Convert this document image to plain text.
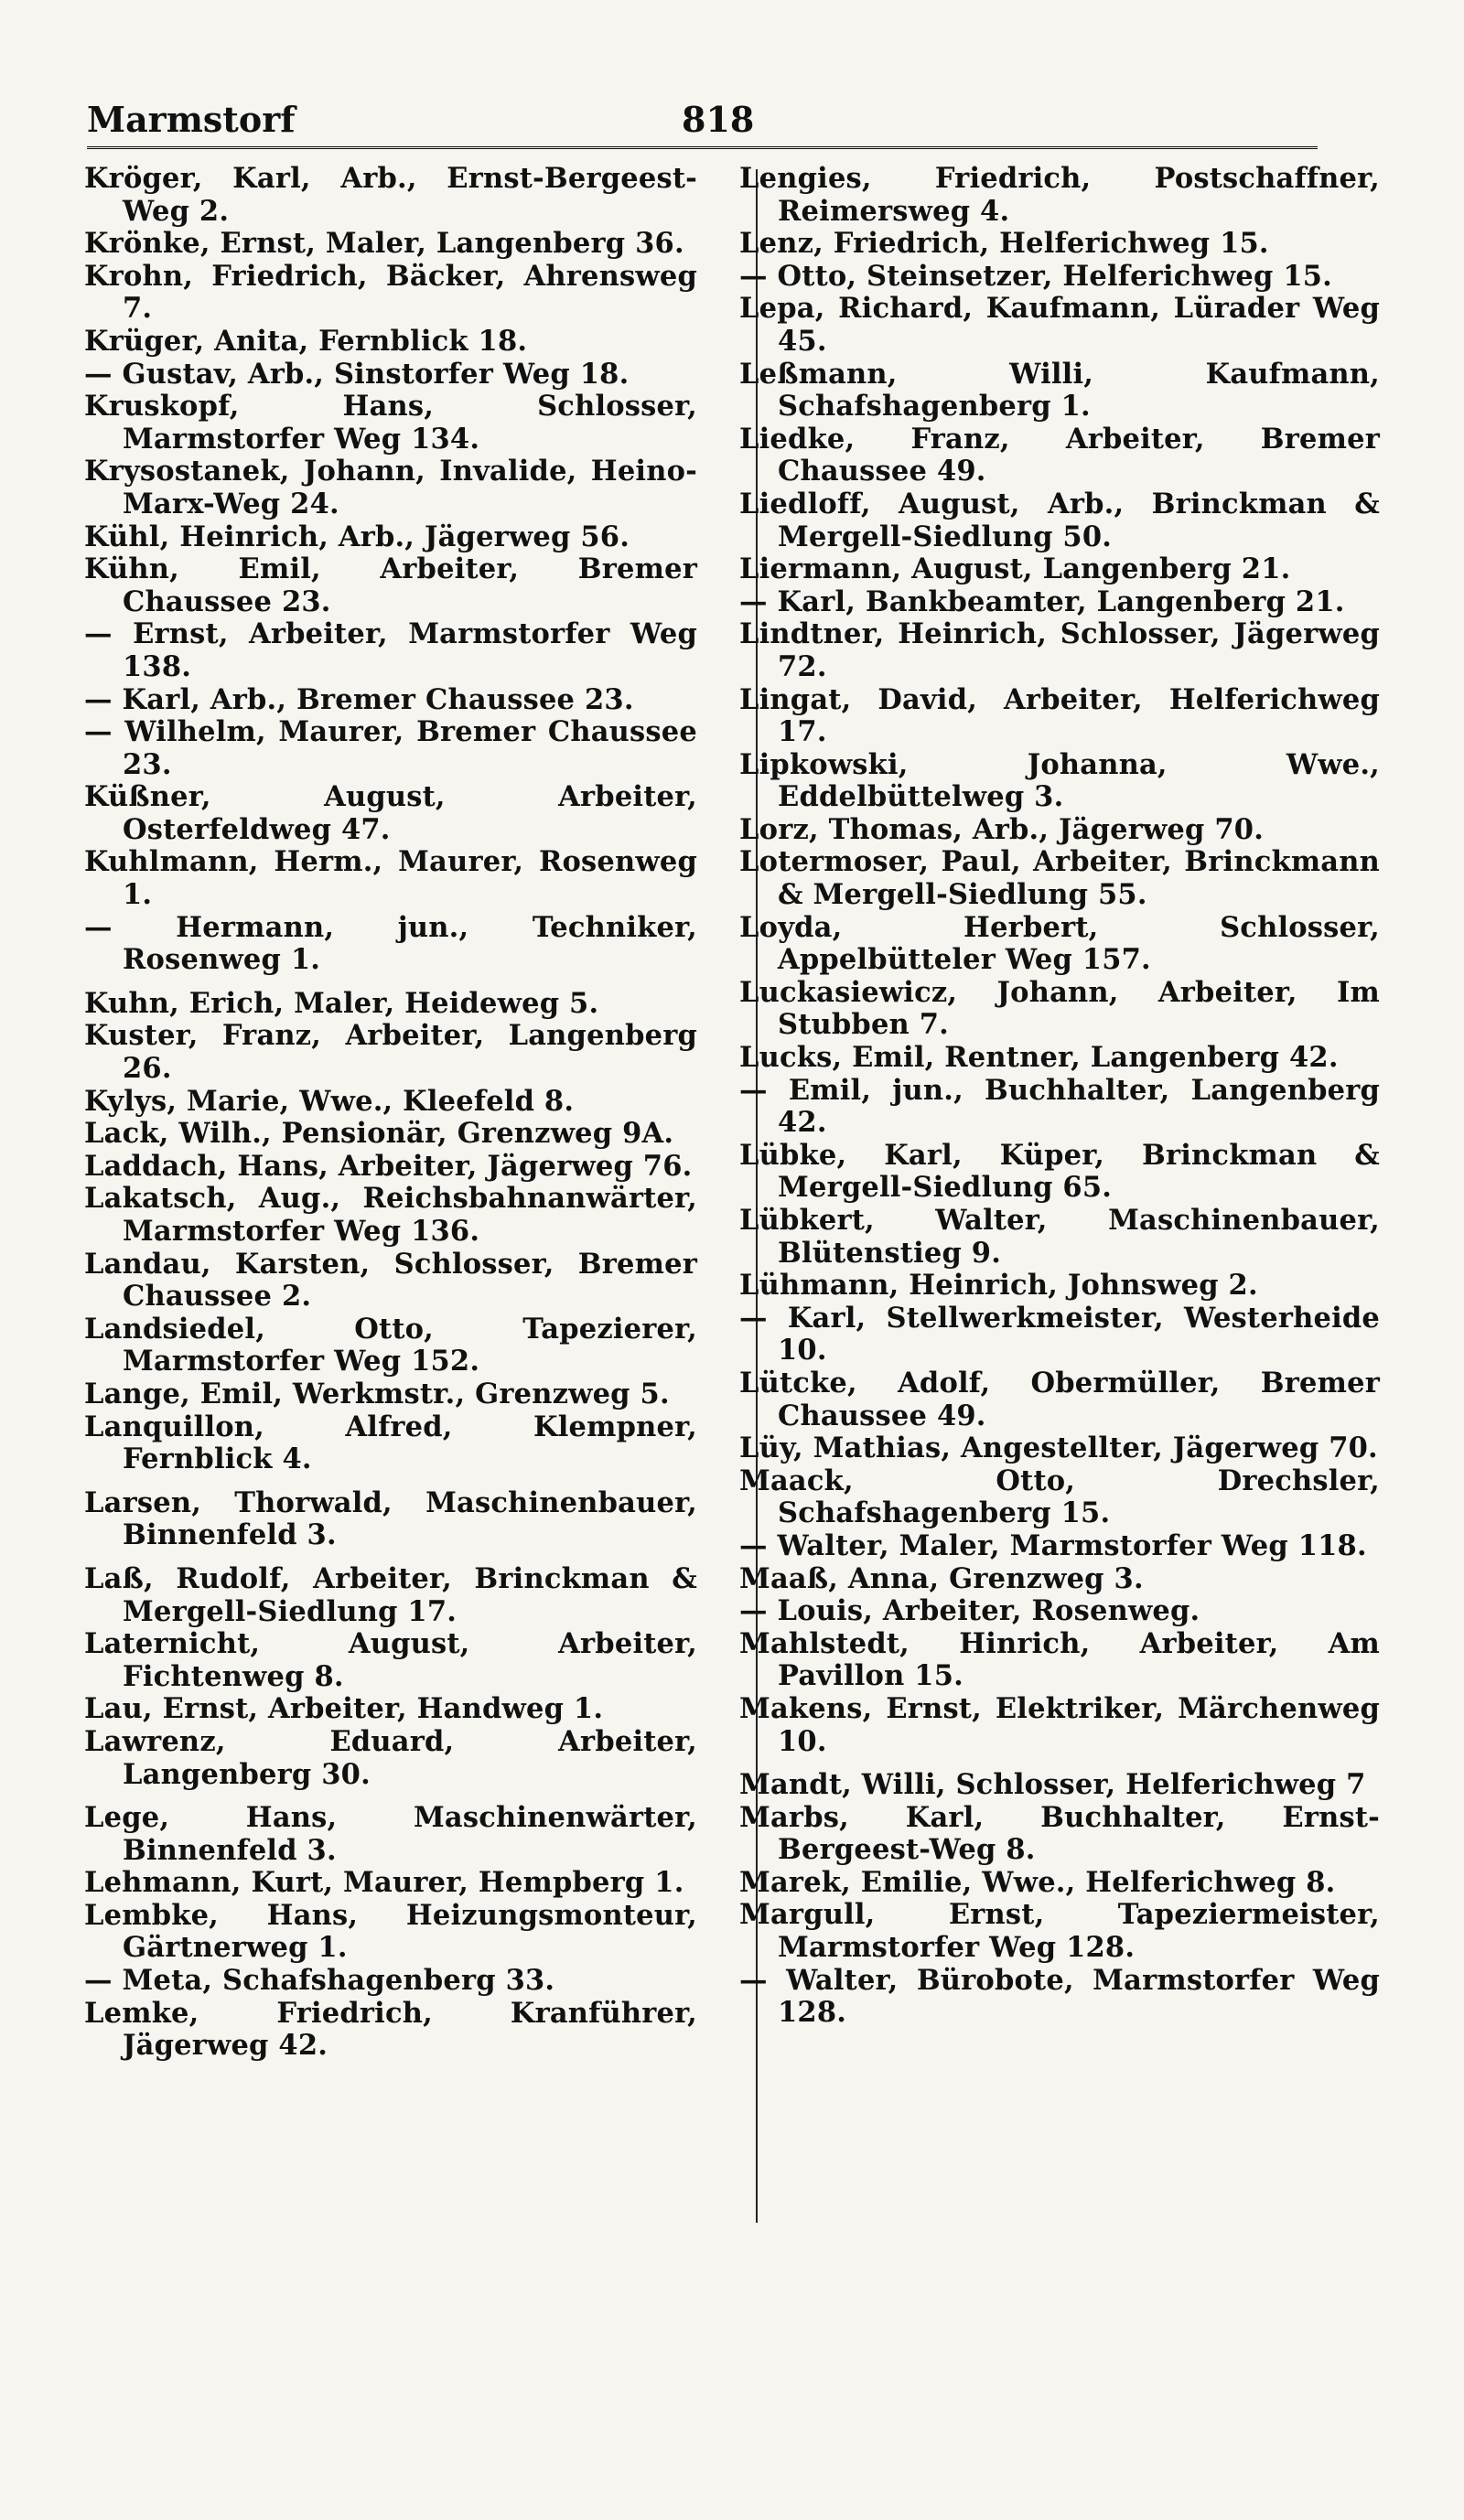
Marmstorf	818

Kröger, Karl, Arb., Ernst-Bergeest-Weg 2.

Krönke, Ernst, Maler, Langenberg 36.

Krohn, Friedrich, Bäcker, Ahrensweg 7.

Krüger, Anita, Fernblick 18.

— Gustav, Arb., Sinstorfer Weg 18.

Kruskopf, Hans, Schlosser, Marmstorfer Weg 134.

Krysostanek, Johann, Invalide, Heino-Marx-Weg 24.

Kühl, Heinrich, Arb., Jägerweg 56.

Kühn, Emil, Arbeiter, Bremer Chaussee 23.

— Ernst, Arbeiter, Marmstorfer Weg 138.

— Karl, Arb., Bremer Chaussee 23.

— Wilhelm, Maurer, Bremer Chaussee 23.

Küßner, August, Arbeiter, Osterfeldweg 47.

Kuhlmann, Herm., Maurer, Rosenweg 1.

— Hermann, jun., Techniker, Rosenweg 1.

Kuhn, Erich, Maler, Heideweg 5.

Kuster, Franz, Arbeiter, Langenberg 26.

Kylys, Marie, Wwe., Kleefeld 8.

Lack, Wilh., Pensionär, Grenzweg 9A.

Laddach, Hans, Arbeiter, Jägerweg 76.

Lakatsch, Aug., Reichsbahnanwärter, Marmstorfer Weg 136.

Landau, Karsten, Schlosser, Bremer Chaussee 2.

Landsiedel, Otto, Tapezierer, Marmstorfer Weg 152.

Lange, Emil, Werkmstr., Grenzweg 5.

Lanquillon, Alfred, Klempner, Fernblick 4.

Larsen, Thorwald, Maschinenbauer, Binnenfeld 3.

Laß, Rudolf, Arbeiter, Brinckman & Mergell-Siedlung 17.

Laternicht, August, Arbeiter, Fichtenweg 8.

Lau, Ernst, Arbeiter, Handweg 1.

Lawrenz, Eduard, Arbeiter, Langenberg 30.

Lege, Hans, Maschinenwärter, Binnenfeld 3.

Lehmann, Kurt, Maurer, Hempberg 1.

Lembke, Hans, Heizungsmonteur, Gärtnerweg 1.

— Meta, Schafshagenberg 33.

Lemke, Friedrich, Kranführer, Jägerweg 42.

Lengies, Friedrich, Postschaffner, Reimersweg 4.

Lenz, Friedrich, Helferichweg 15.

— Otto, Steinsetzer, Helferichweg 15.

Lepa, Richard, Kaufmann, Lürader Weg 45.

Leßmann, Willi, Kaufmann, Schafshagenberg 1.

Liedke, Franz, Arbeiter, Bremer Chaussee 49.

Liedloff, August, Arb., Brinckman & Mergell-Siedlung 50.

Liermann, August, Langenberg 21.

— Karl, Bankbeamter, Langenberg 21.

Lindtner, Heinrich, Schlosser, Jägerweg 72.

Lingat, David, Arbeiter, Helferichweg 17.

Lipkowski, Johanna, Wwe., Eddelbüttelweg 3.

Lorz, Thomas, Arb., Jägerweg 70.

Lotermoser, Paul, Arbeiter, Brinckmann & Mergell-Siedlung 55.

Loyda, Herbert, Schlosser, Appelbütteler Weg 157.

Luckasiewicz, Johann, Arbeiter, Im Stubben 7.

Lucks, Emil, Rentner, Langenberg 42.

— Emil, jun., Buchhalter, Langenberg 42.

Lübke, Karl, Küper, Brinckman & Mergell-Siedlung 65.

Lübkert, Walter, Maschinenbauer, Blütenstieg 9.

Lühmann, Heinrich, Johnsweg 2.

— Karl, Stellwerkmeister, Westerheide 10.

Lütcke, Adolf, Obermüller, Bremer Chaussee 49.

Lüy, Mathias, Angestellter, Jägerweg 70.

Maack, Otto, Drechsler, Schafshagenberg 15.

— Walter, Maler, Marmstorfer Weg 118.

Maaß, Anna, Grenzweg 3.

— Louis, Arbeiter, Rosenweg.

Mahlstedt, Hinrich, Arbeiter, Am Pavillon 15.

Makens, Ernst, Elektriker, Märchenweg 10.

Mandt, Willi, Schlosser, Helferichweg 7

Marbs, Karl, Buchhalter, Ernst-Bergeest-Weg 8.

Marek, Emilie, Wwe., Helferichweg 8.

Margull, Ernst, Tapeziermeister, Marmstorfer Weg 128.

— Walter, Bürobote, Marmstorfer Weg 128.
